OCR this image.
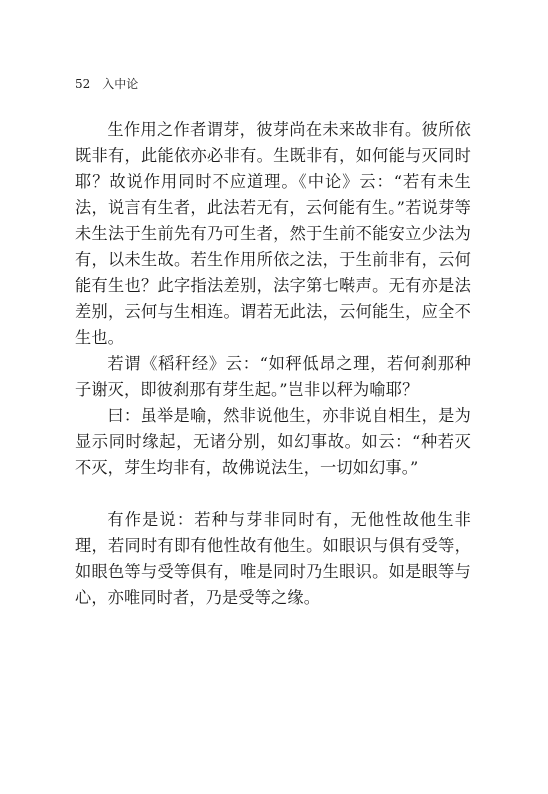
52 入中论

生作用之作者谓芽，彼芽尚在未来故非有。彼所依既非有，此能依亦必非有。生既非有，如何能与灭同时耶？故说作用同时不应道理。《中论》云：“若有未生法，说言有生者，此法若无有，云何能有生。”若说芽等未生法于生前先有乃可生者，然于生前不能安立少法为有，以未生故。若生作用所依之法，于生前非有，云何能有生也？此字指法差别，法字第七啭声。无有亦是法差别，云何与生相连。谓若无此法，云何能生，应全不生也。

若谓《稻秆经》云：“如秤低昂之理，若何刹那种子谢灭，即彼刹那有芽生起。”岂非以秤为喻耶？

曰：虽举是喻，然非说他生，亦非说自相生，是为显示同时缘起，无诸分别，如幻事故。如云：“种若灭不灭，芽生均非有，故佛说法生，一切如幻事。”

有作是说：若种与芽非同时有，无他性故他生非理，若同时有即有他性故有他生。如眼识与俱有受等，如眼色等与受等俱有，唯是同时乃生眼识。如是眼等与心，亦唯同时者，乃是受等之缘。
